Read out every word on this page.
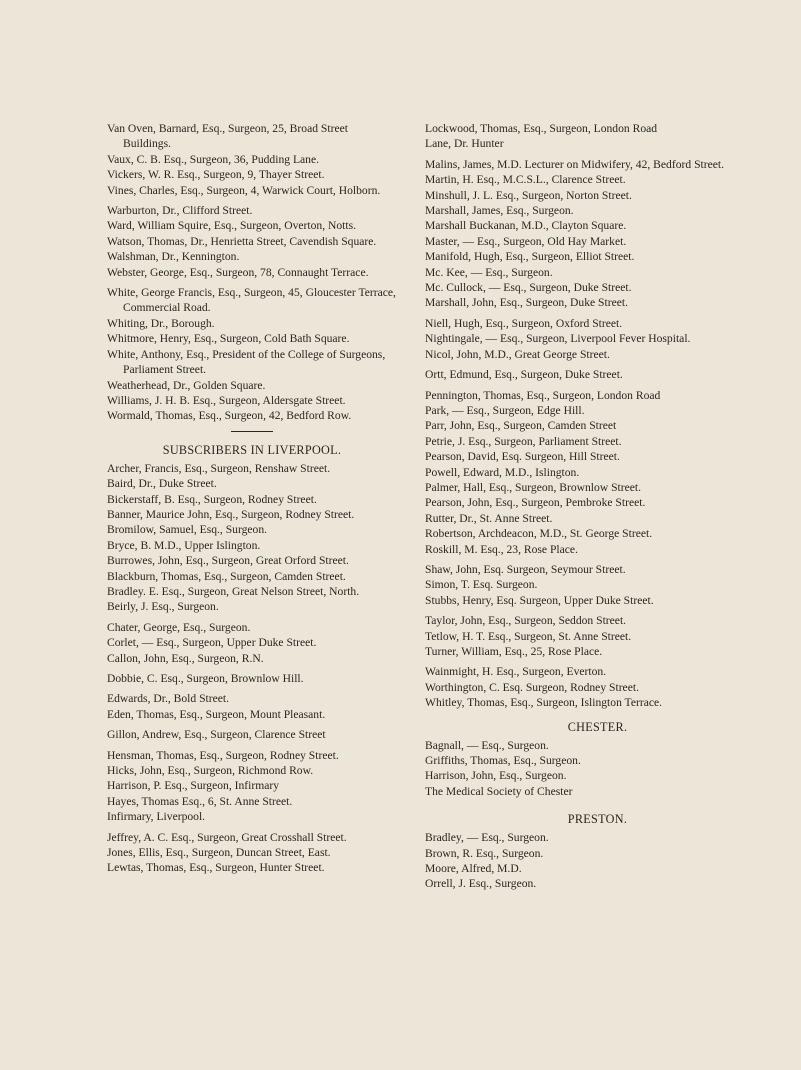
Van Oven, Barnard, Esq., Surgeon, 25, Broad Street Buildings.
Vaux, C. B. Esq., Surgeon, 36, Pudding Lane.
Vickers, W. R. Esq., Surgeon, 9, Thayer Street.
Vines, Charles, Esq., Surgeon, 4, Warwick Court, Holborn.
Warburton, Dr., Clifford Street.
Ward, William Squire, Esq., Surgeon, Overton, Notts.
Watson, Thomas, Dr., Henrietta Street, Cavendish Square.
Walshman, Dr., Kennington.
Webster, George, Esq., Surgeon, 78, Connaught Terrace.
White, George Francis, Esq., Surgeon, 45, Gloucester Terrace, Commercial Road.
Whiting, Dr., Borough.
Whitmore, Henry, Esq., Surgeon, Cold Bath Square.
White, Anthony, Esq., President of the College of Surgeons, Parliament Street.
Weatherhead, Dr., Golden Square.
Williams, J. H. B. Esq., Surgeon, Aldersgate Street.
Wormald, Thomas, Esq., Surgeon, 42, Bedford Row.
SUBSCRIBERS IN LIVERPOOL.
Archer, Francis, Esq., Surgeon, Renshaw Street.
Baird, Dr., Duke Street.
Bickerstaff, B. Esq., Surgeon, Rodney Street.
Banner, Maurice John, Esq., Surgeon, Rodney Street.
Bromilow, Samuel, Esq., Surgeon.
Bryce, B. M.D., Upper Islington.
Burrowes, John, Esq., Surgeon, Great Orford Street.
Blackburn, Thomas, Esq., Surgeon, Camden Street.
Bradley. E. Esq., Surgeon, Great Nelson Street, North.
Beirly, J. Esq., Surgeon.
Chater, George, Esq., Surgeon.
Corlet, — Esq., Surgeon, Upper Duke Street.
Callon, John, Esq., Surgeon, R.N.
Dobbie, C. Esq., Surgeon, Brownlow Hill.
Edwards, Dr., Bold Street.
Eden, Thomas, Esq., Surgeon, Mount Pleasant.
Gillon, Andrew, Esq., Surgeon, Clarence Street
Hensman, Thomas, Esq., Surgeon, Rodney Street.
Hicks, John, Esq., Surgeon, Richmond Row.
Harrison, P. Esq., Surgeon, Infirmary
Hayes, Thomas Esq., 6, St. Anne Street.
Infirmary, Liverpool.
Jeffrey, A. C. Esq., Surgeon, Great Crosshall Street.
Jones, Ellis, Esq., Surgeon, Duncan Street, East.
Lewtas, Thomas, Esq., Surgeon, Hunter Street.
Lockwood, Thomas, Esq., Surgeon, London Road
Lane, Dr. Hunter
Malins, James, M.D. Lecturer on Midwifery, 42, Bedford Street.
Martin, H. Esq., M.C.S.L., Clarence Street.
Minshull, J. L. Esq., Surgeon, Norton Street.
Marshall, James, Esq., Surgeon.
Marshall Buckanan, M.D., Clayton Square.
Master, — Esq., Surgeon, Old Hay Market.
Manifold, Hugh, Esq., Surgeon, Elliot Street.
Mc. Kee, — Esq., Surgeon.
Mc. Cullock, — Esq., Surgeon, Duke Street.
Marshall, John, Esq., Surgeon, Duke Street.
Niell, Hugh, Esq., Surgeon, Oxford Street.
Nightingale, — Esq., Surgeon, Liverpool Fever Hospital.
Nicol, John, M.D., Great George Street.
Ortt, Edmund, Esq., Surgeon, Duke Street.
Pennington, Thomas, Esq., Surgeon, London Road
Park, — Esq., Surgeon, Edge Hill.
Parr, John, Esq., Surgeon, Camden Street
Petrie, J. Esq., Surgeon, Parliament Street.
Pearson, David, Esq. Surgeon, Hill Street.
Powell, Edward, M.D., Islington.
Palmer, Hall, Esq., Surgeon, Brownlow Street.
Pearson, John, Esq., Surgeon, Pembroke Street.
Rutter, Dr., St. Anne Street.
Robertson, Archdeacon, M.D., St. George Street.
Roskill, M. Esq., 23, Rose Place.
Shaw, John, Esq. Surgeon, Seymour Street.
Simon, T. Esq. Surgeon.
Stubbs, Henry, Esq. Surgeon, Upper Duke Street.
Taylor, John, Esq., Surgeon, Seddon Street.
Tetlow, H. T. Esq., Surgeon, St. Anne Street.
Turner, William, Esq., 25, Rose Place.
Wainmight, H. Esq., Surgeon, Everton.
Worthington, C. Esq. Surgeon, Rodney Street.
Whitley, Thomas, Esq., Surgeon, Islington Terrace.
CHESTER.
Bagnall, — Esq., Surgeon.
Griffiths, Thomas, Esq., Surgeon.
Harrison, John, Esq., Surgeon.
The Medical Society of Chester
PRESTON.
Bradley, — Esq., Surgeon.
Brown, R. Esq., Surgeon.
Moore, Alfred, M.D.
Orrell, J. Esq., Surgeon.
